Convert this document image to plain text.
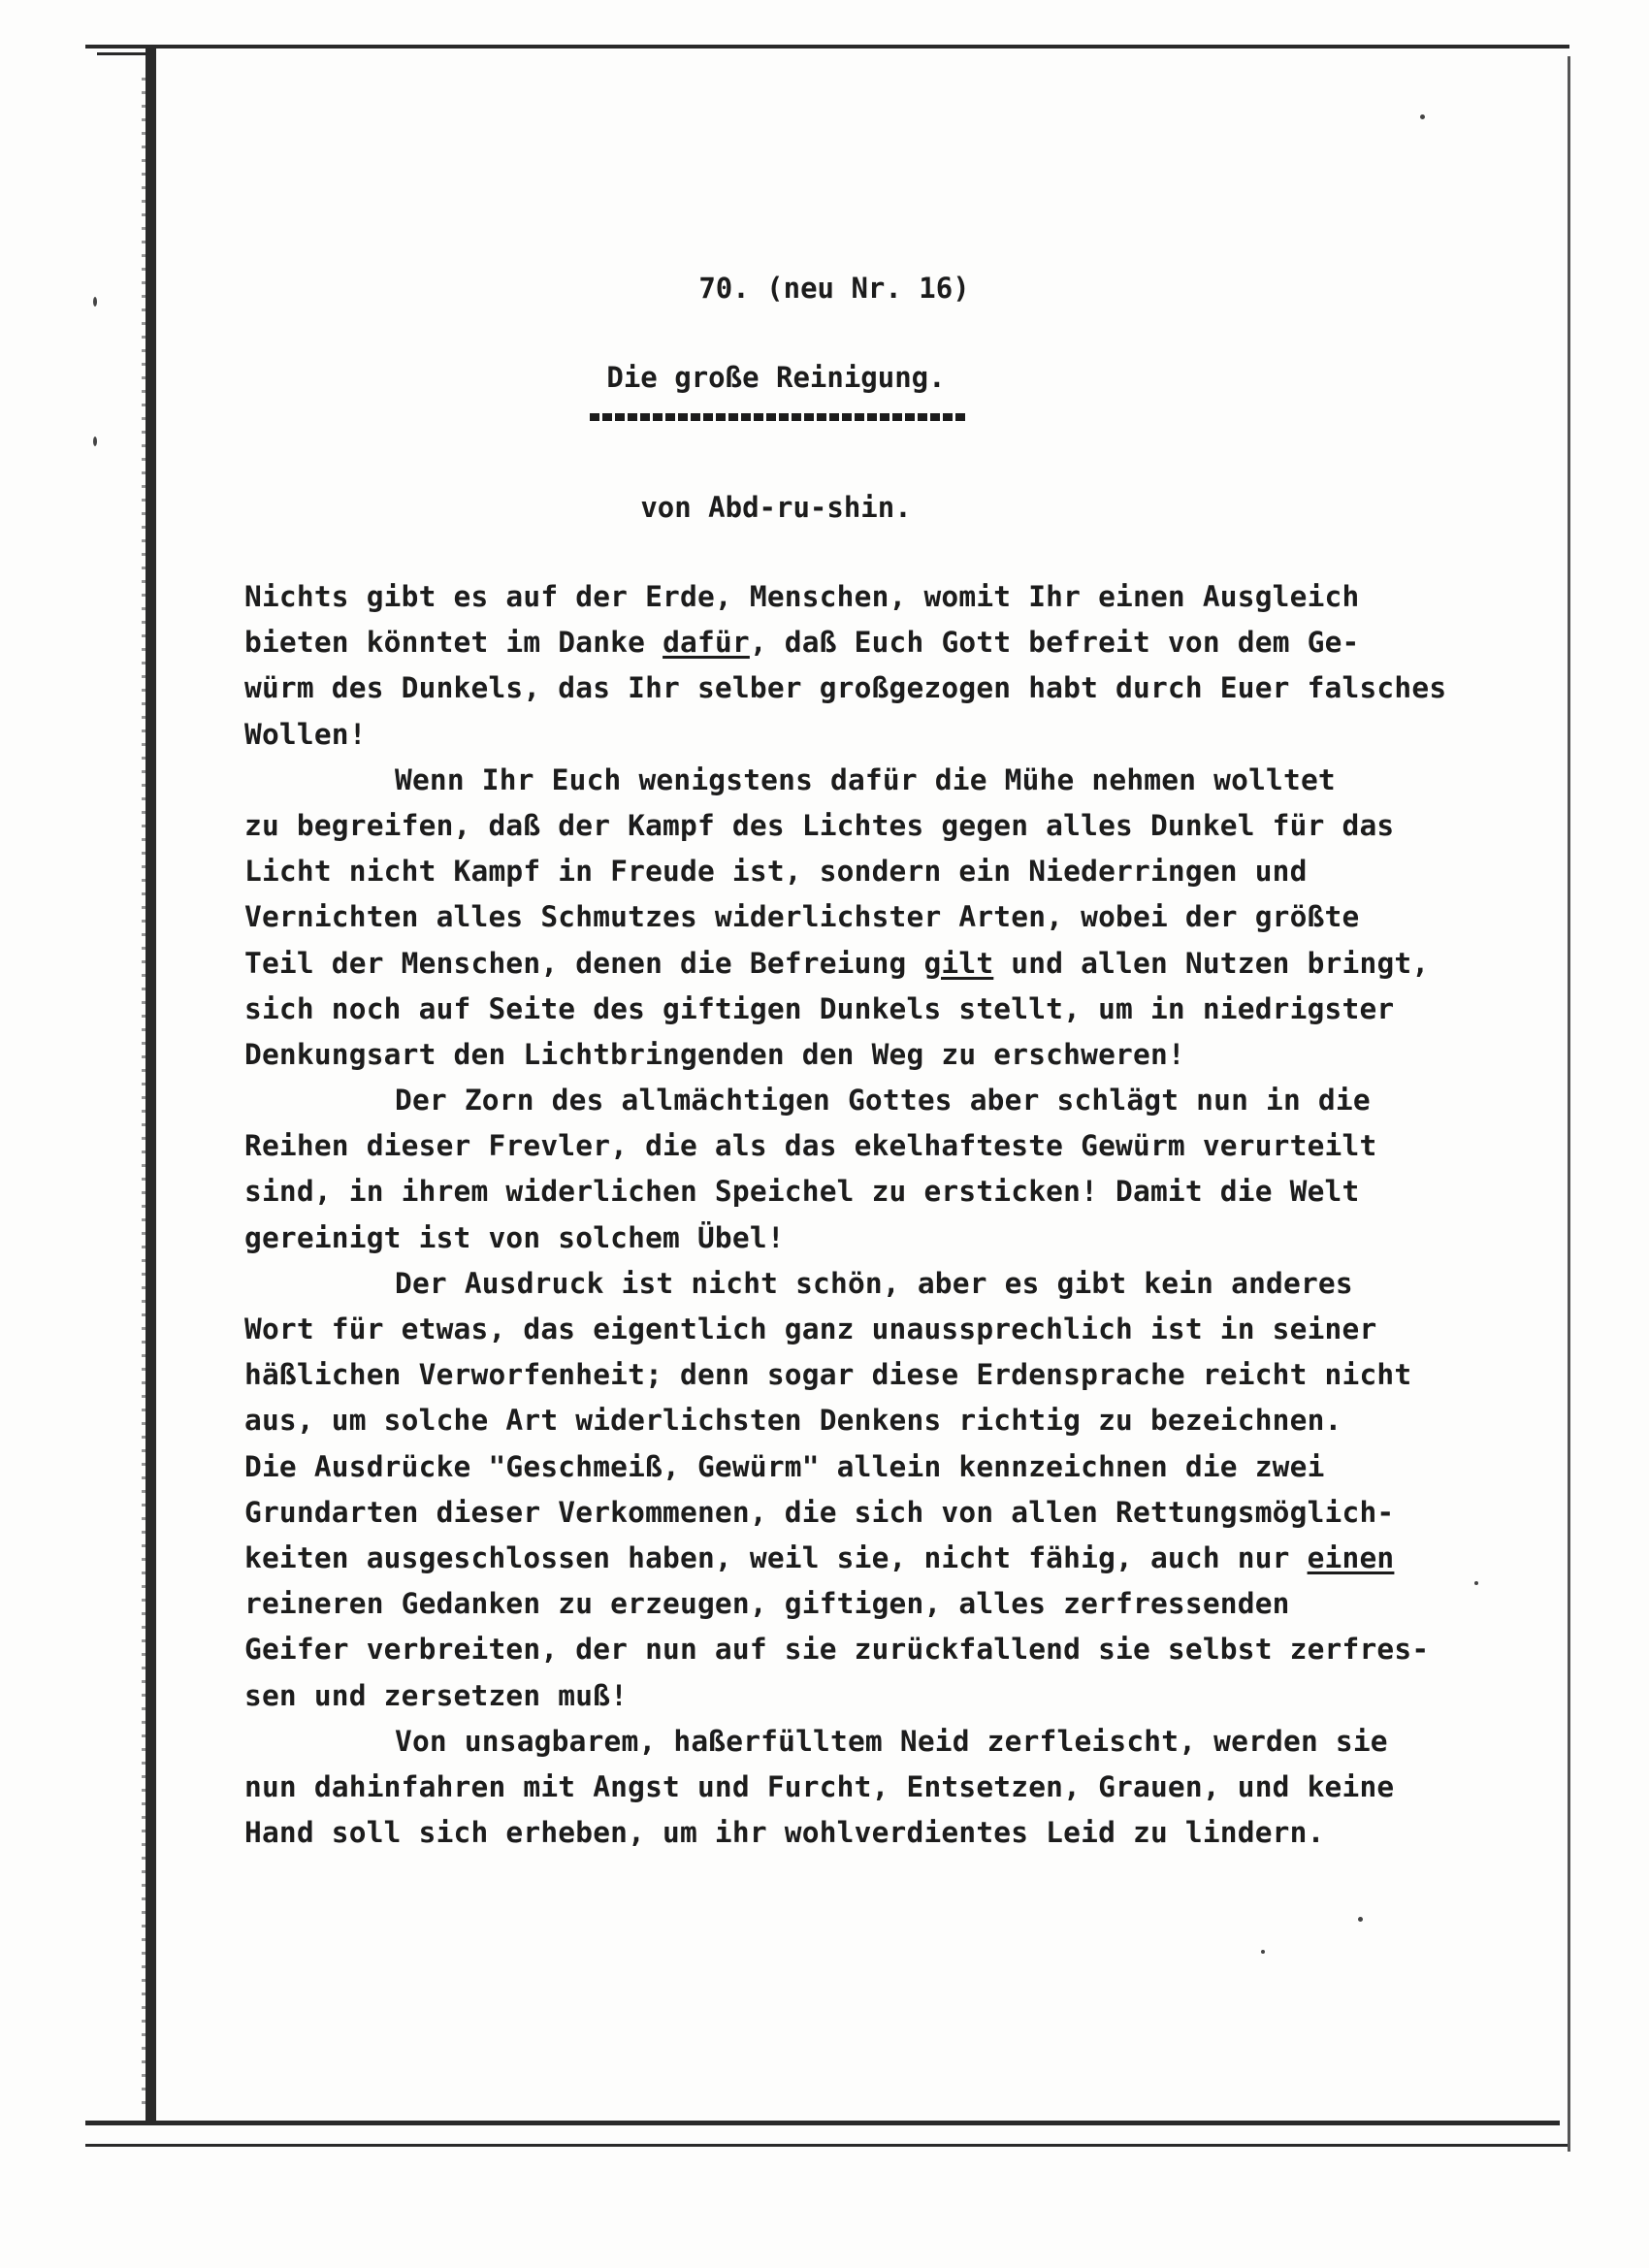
70. (neu Nr. 16)
Die große Reinigung.
von Abd-ru-shin.
Nichts gibt es auf der Erde, Menschen, womit Ihr einen Ausgleich
bieten könntet im Danke dafür, daß Euch Gott befreit von dem Ge-
würm des Dunkels, das Ihr selber großgezogen habt durch Euer falsches
Wollen!
Wenn Ihr Euch wenigstens dafür die Mühe nehmen wolltet
zu begreifen, daß der Kampf des Lichtes gegen alles Dunkel für das
Licht nicht Kampf in Freude ist, sondern ein Niederringen und
Vernichten alles Schmutzes widerlichster Arten, wobei der größte
Teil der Menschen, denen die Befreiung gilt und allen Nutzen bringt,
sich noch auf Seite des giftigen Dunkels stellt, um in niedrigster
Denkungsart den Lichtbringenden den Weg zu erschweren!
Der Zorn des allmächtigen Gottes aber schlägt nun in die
Reihen dieser Frevler, die als das ekelhafteste Gewürm verurteilt
sind, in ihrem widerlichen Speichel zu ersticken! Damit die Welt
gereinigt ist von solchem Übel!
Der Ausdruck ist nicht schön, aber es gibt kein anderes
Wort für etwas, das eigentlich ganz unaussprechlich ist in seiner
häßlichen Verworfenheit; denn sogar diese Erdensprache reicht nicht
aus, um solche Art widerlichsten Denkens richtig zu bezeichnen.
Die Ausdrücke "Geschmeiß, Gewürm" allein kennzeichnen die zwei
Grundarten dieser Verkommenen, die sich von allen Rettungsmöglich-
keiten ausgeschlossen haben, weil sie, nicht fähig, auch nur einen
reineren Gedanken zu erzeugen, giftigen, alles zerfressenden
Geifer verbreiten, der nun auf sie zurückfallend sie selbst zerfres-
sen und zersetzen muß!
Von unsagbarem, haßerfülltem Neid zerfleischt, werden sie
nun dahinfahren mit Angst und Furcht, Entsetzen, Grauen, und keine
Hand soll sich erheben, um ihr wohlverdientes Leid zu lindern.
